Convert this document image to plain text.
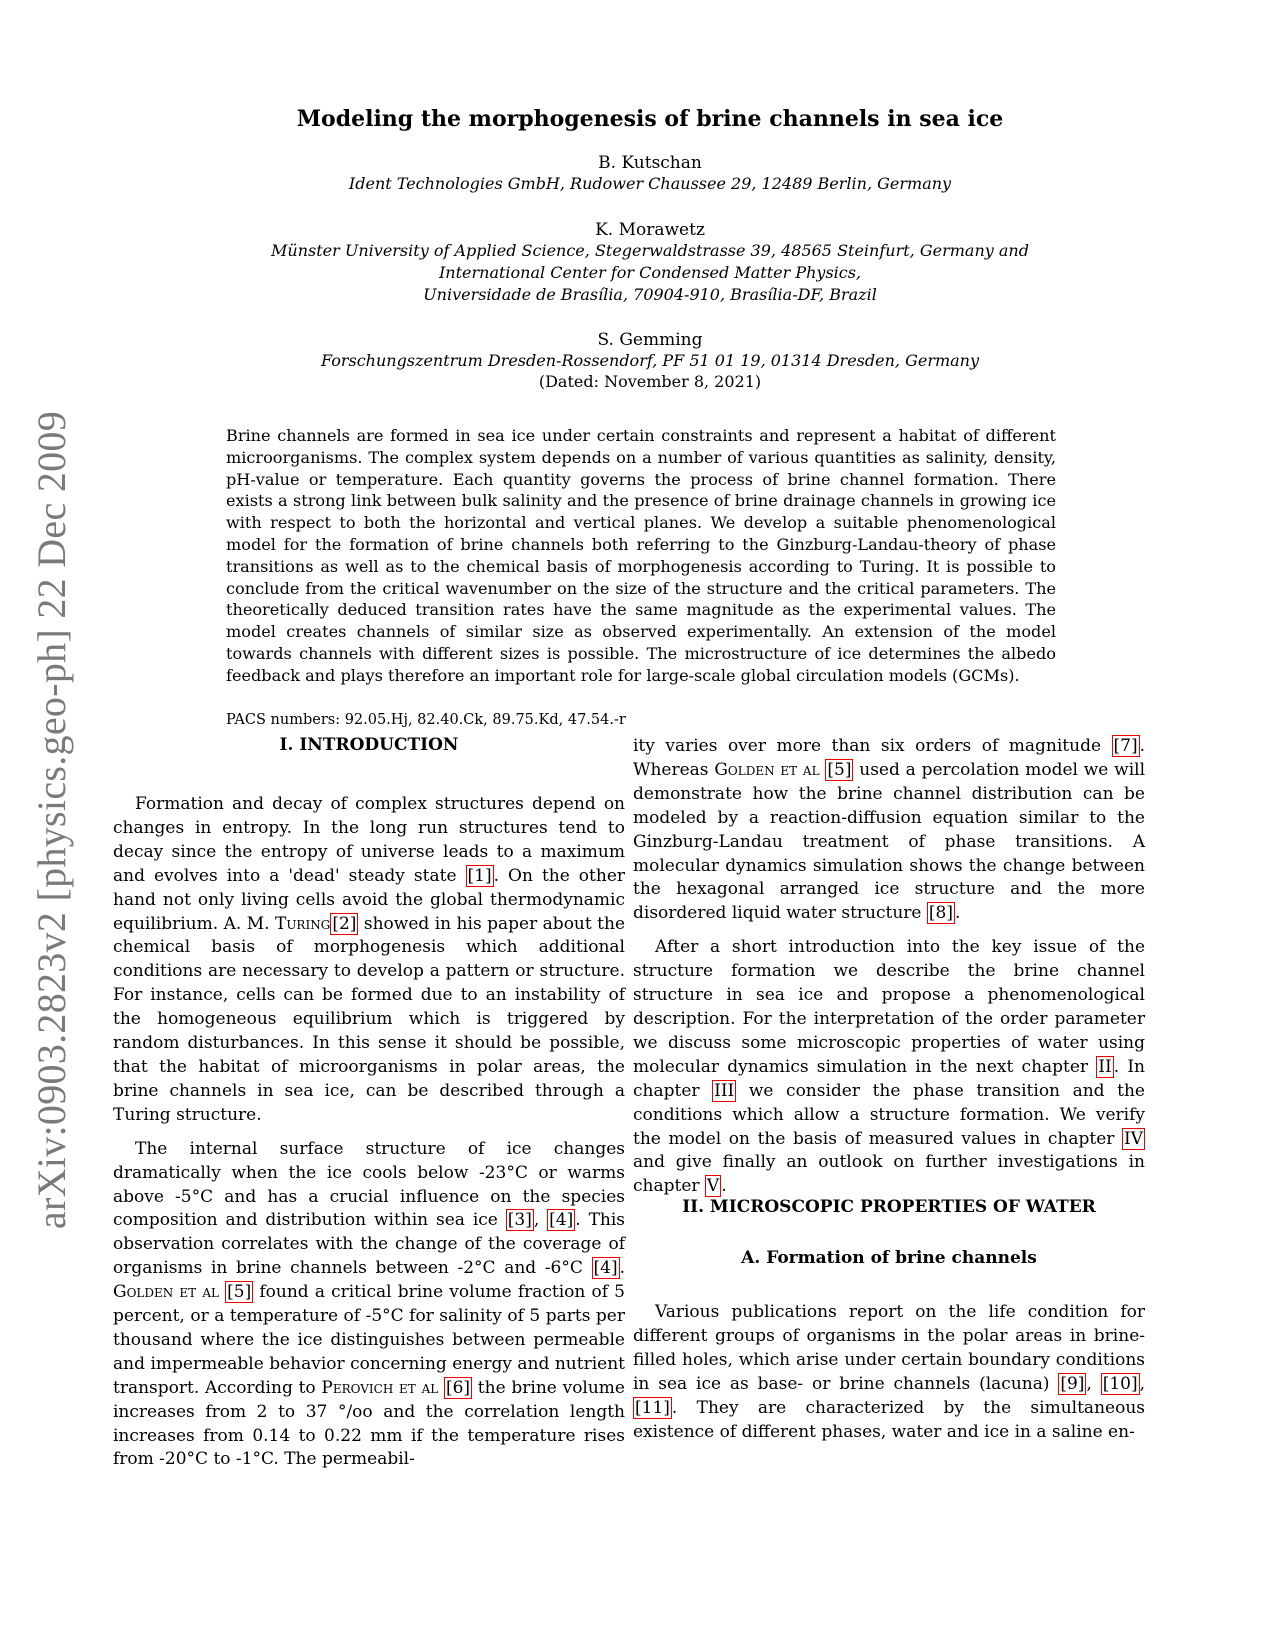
arXiv:0903.2823v2 [physics.geo-ph] 22 Dec 2009
Modeling the morphogenesis of brine channels in sea ice
B. Kutschan
Ident Technologies GmbH, Rudower Chaussee 29, 12489 Berlin, Germany
K. Morawetz
Münster University of Applied Science, Stegerwaldstrasse 39, 48565 Steinfurt, Germany and
International Center for Condensed Matter Physics,
Universidade de Brasília, 70904-910, Brasília-DF, Brazil
S. Gemming
Forschungszentrum Dresden-Rossendorf, PF 51 01 19, 01314 Dresden, Germany
(Dated: November 8, 2021)
Brine channels are formed in sea ice under certain constraints and represent a habitat of different microorganisms. The complex system depends on a number of various quantities as salinity, density, pH-value or temperature. Each quantity governs the process of brine channel formation. There exists a strong link between bulk salinity and the presence of brine drainage channels in growing ice with respect to both the horizontal and vertical planes. We develop a suitable phenomenological model for the formation of brine channels both referring to the Ginzburg-Landau-theory of phase transitions as well as to the chemical basis of morphogenesis according to Turing. It is possible to conclude from the critical wavenumber on the size of the structure and the critical parameters. The theoretically deduced transition rates have the same magnitude as the experimental values. The model creates channels of similar size as observed experimentally. An extension of the model towards channels with different sizes is possible. The microstructure of ice determines the albedo feedback and plays therefore an important role for large-scale global circulation models (GCMs).
PACS numbers: 92.05.Hj, 82.40.Ck, 89.75.Kd, 47.54.-r
I. INTRODUCTION

Formation and decay of complex structures depend on changes in entropy. In the long run structures tend to decay since the entropy of universe leads to a maximum and evolves into a 'dead' steady state [1] . On the other hand not only living cells avoid the global thermodynamic equilibrium. A. M. Turing [2] showed in his paper about the chemical basis of morphogenesis which additional conditions are necessary to develop a pattern or structure. For instance, cells can be formed due to an instability of the homogeneous equilibrium which is triggered by random disturbances. In this sense it should be possible, that the habitat of microorganisms in polar areas, the brine channels in sea ice, can be described through a Turing structure.

The internal surface structure of ice changes dramatically when the ice cools below -23°C or warms above -5°C and has a crucial influence on the species composition and distribution within sea ice [3] , [4] . This observation correlates with the change of the coverage of organisms in brine channels between -2°C and -6°C [4] . Golden et al [5] found a critical brine volume fraction of 5 percent, or a temperature of -5°C for salinity of 5 parts per thousand where the ice distinguishes between permeable and impermeable behavior concerning energy and nutrient transport. According to Perovich et al [6] the brine volume increases from 2 to 37 °/oo and the correlation length increases from 0.14 to 0.22 mm if the temperature rises from -20°C to -1°C. The permeabil-

ity varies over more than six orders of magnitude [7] . Whereas Golden et al [5] used a percolation model we will demonstrate how the brine channel distribution can be modeled by a reaction-diffusion equation similar to the Ginzburg-Landau treatment of phase transitions. A molecular dynamics simulation shows the change between the hexagonal arranged ice structure and the more disordered liquid water structure [8] .

After a short introduction into the key issue of the structure formation we describe the brine channel structure in sea ice and propose a phenomenological description. For the interpretation of the order parameter we discuss some microscopic properties of water using molecular dynamics simulation in the next chapter II . In chapter III we consider the phase transition and the conditions which allow a structure formation. We verify the model on the basis of measured values in chapter IV and give finally an outlook on further investigations in chapter V .

II. MICROSCOPIC PROPERTIES OF WATER
A. Formation of brine channels

Various publications report on the life condition for different groups of organisms in the polar areas in brine-filled holes, which arise under certain boundary conditions in sea ice as base- or brine channels (lacuna) [9] , [10] , [11] . They are characterized by the simultaneous existence of different phases, water and ice in a saline en-
